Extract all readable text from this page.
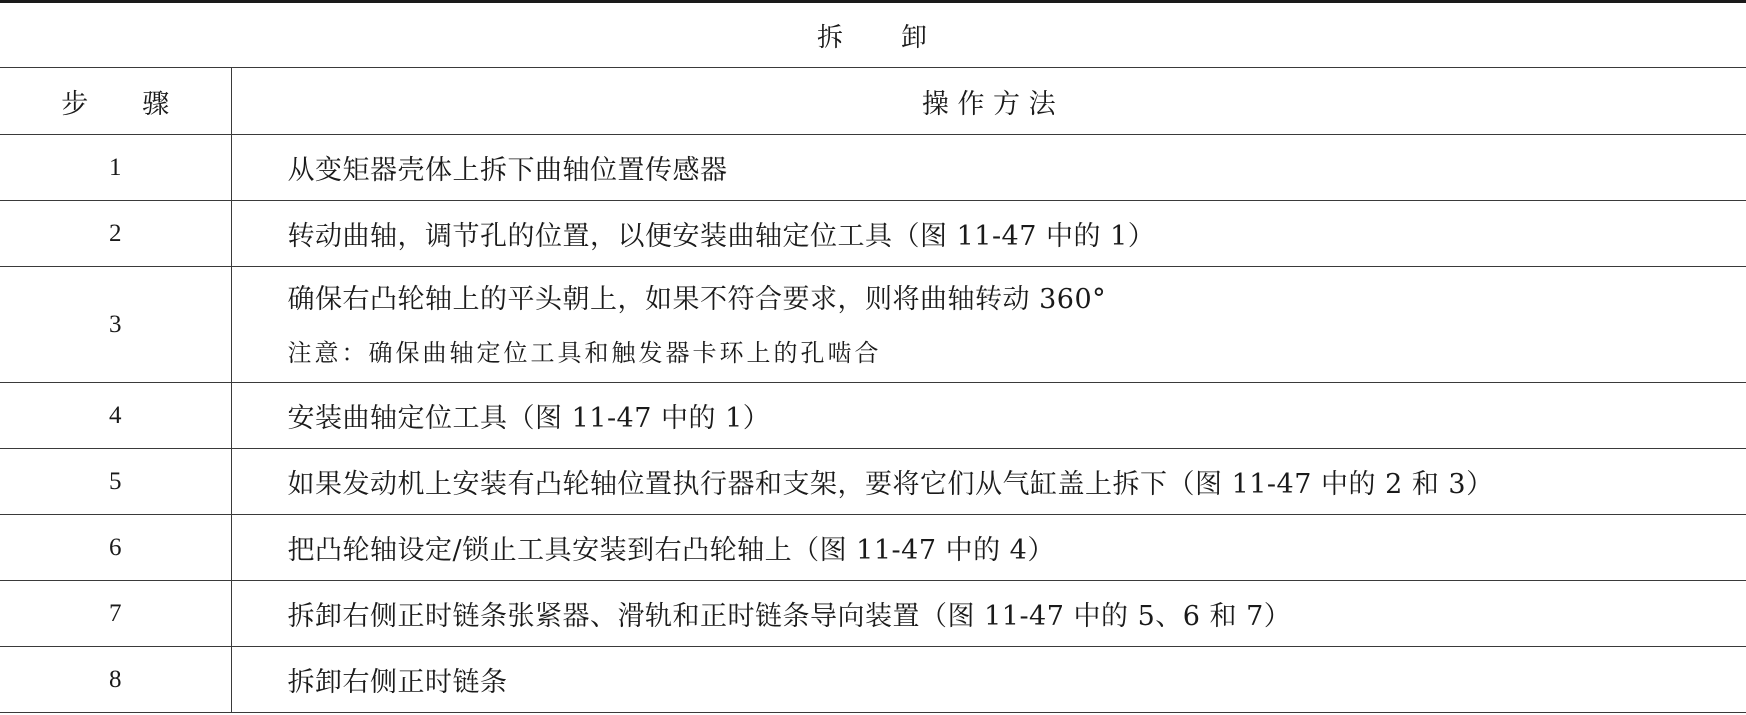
拆　　卸	
步　　骤	操 作 方 法
1	从变矩器壳体上拆下曲轴位置传感器
2	转动曲轴，调节孔的位置，以便安装曲轴定位工具（图 11-47 中的 1）
3	确保右凸轮轴上的平头朝上，如果不符合要求，则将曲轴转动 360°
注意：确保曲轴定位工具和触发器卡环上的孔啮合

4	安装曲轴定位工具（图 11-47 中的 1）
5	如果发动机上安装有凸轮轴位置执行器和支架，要将它们从气缸盖上拆下（图 11-47 中的 2 和 3）
6	把凸轮轴设定/锁止工具安装到右凸轮轴上（图 11-47 中的 4）
7	拆卸右侧正时链条张紧器、滑轨和正时链条导向装置（图 11-47 中的 5、6 和 7）
8	拆卸右侧正时链条
